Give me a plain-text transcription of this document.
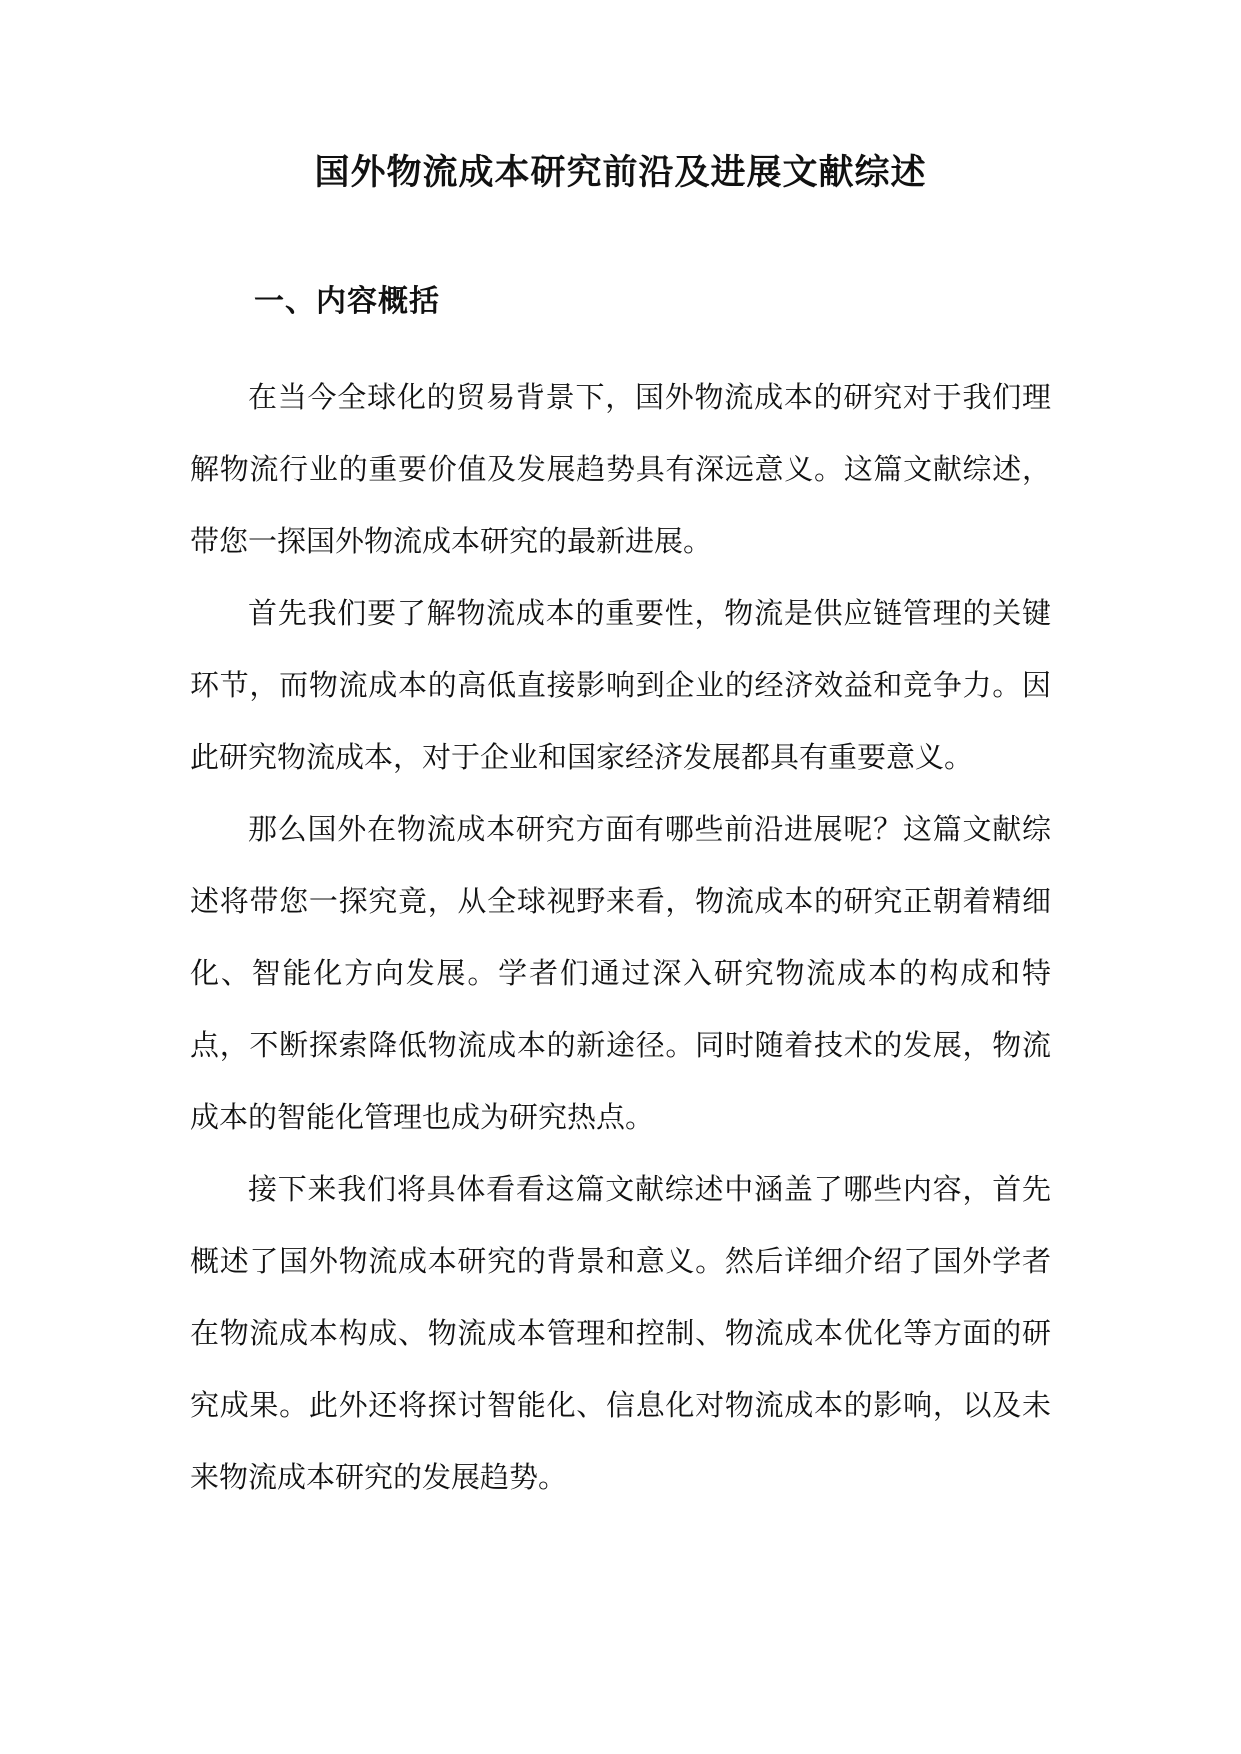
国外物流成本研究前沿及进展文献综述
一、内容概括

在当今全球化的贸易背景下，国外物流成本的研究对于我们理解物流行业的重要价值及发展趋势具有深远意义。这篇文献综述，带您一探国外物流成本研究的最新进展。

首先我们要了解物流成本的重要性，物流是供应链管理的关键环节，而物流成本的高低直接影响到企业的经济效益和竞争力。因此研究物流成本，对于企业和国家经济发展都具有重要意义。

那么国外在物流成本研究方面有哪些前沿进展呢？这篇文献综述将带您一探究竟，从全球视野来看，物流成本的研究正朝着精细化、智能化方向发展。学者们通过深入研究物流成本的构成和特点，不断探索降低物流成本的新途径。同时随着技术的发展，物流成本的智能化管理也成为研究热点。

接下来我们将具体看看这篇文献综述中涵盖了哪些内容，首先概述了国外物流成本研究的背景和意义。然后详细介绍了国外学者在物流成本构成、物流成本管理和控制、物流成本优化等方面的研究成果。此外还将探讨智能化、信息化对物流成本的影响，以及未来物流成本研究的发展趋势。
